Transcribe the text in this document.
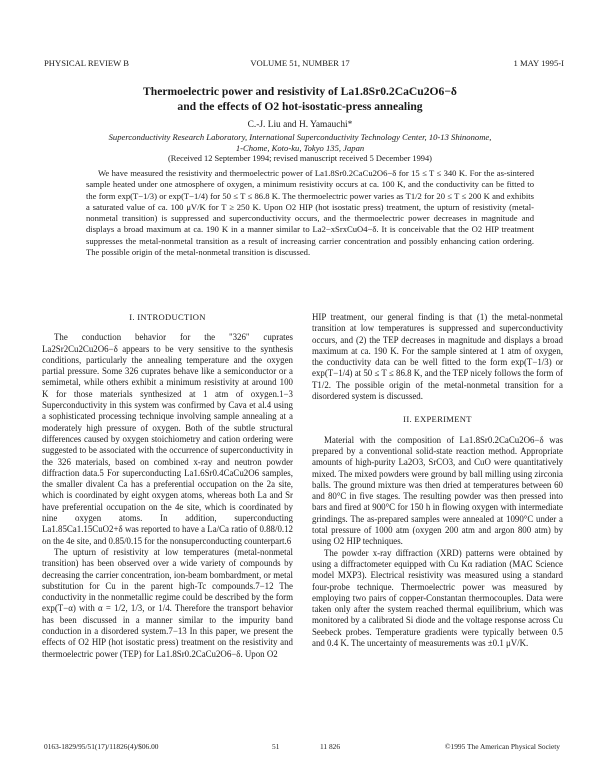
PHYSICAL REVIEW B	VOLUME 51, NUMBER 17	1 MAY 1995-I
Thermoelectric power and resistivity of La1.8Sr0.2CaCu2O6−δ
and the effects of O2 hot-isostatic-press annealing
C.-J. Liu and H. Yamauchi*
Superconductivity Research Laboratory, International Superconductivity Technology Center, 10-13 Shinonome,
1-Chome, Koto-ku, Tokyo 135, Japan
(Received 12 September 1994; revised manuscript received 5 December 1994)

We have measured the resistivity and thermoelectric power of La1.8Sr0.2CaCu2O6−δ for 15 ≤ T ≤ 340 K. For the as-sintered sample heated under one atmosphere of oxygen, a minimum resistivity occurs at ca. 100 K, and the conductivity can be fitted to the form exp(T−1/3) or exp(T−1/4) for 50 ≤ T ≤ 86.8 K. The thermoelectric power varies as T1/2 for 20 ≤ T ≤ 200 K and exhibits a saturated value of ca. 100 μV/K for T ≥ 250 K. Upon O2 HIP (hot isostatic press) treatment, the upturn of resistivity (metal-nonmetal transition) is suppressed and superconductivity occurs, and the thermoelectric power decreases in magnitude and displays a broad maximum at ca. 190 K in a manner similar to La2−xSrxCuO4−δ. It is conceivable that the O2 HIP treatment suppresses the metal-nonmetal transition as a result of increasing carrier concentration and possibly enhancing cation ordering. The possible origin of the metal-nonmetal transition is discussed.

I. INTRODUCTION

The conduction behavior for the "326" cuprates La2Sr2Cu2Cu2O6−δ appears to be very sensitive to the synthesis conditions, particularly the annealing temperature and the oxygen partial pressure. Some 326 cuprates behave like a semiconductor or a semimetal, while others exhibit a minimum resistivity at around 100 K for those materials synthesized at 1 atm of oxygen.1−3 Superconductivity in this system was confirmed by Cava et al.4 using a sophisticated processing technique involving sample annealing at a moderately high pressure of oxygen. Both of the subtle structural differences caused by oxygen stoichiometry and cation ordering were suggested to be associated with the occurrence of superconductivity in the 326 materials, based on combined x-ray and neutron powder diffraction data.5 For superconducting La1.6Sr0.4CaCu2O6 samples, the smaller divalent Ca has a preferential occupation on the 2a site, which is coordinated by eight oxygen atoms, whereas both La and Sr have preferential occupation on the 4e site, which is coordinated by nine oxygen atoms. In addition, superconducting La1.85Ca1.15CuO2+δ was reported to have a La/Ca ratio of 0.88/0.12 on the 4e site, and 0.85/0.15 for the nonsuperconducting counterpart.6

The upturn of resistivity at low temperatures (metal-nonmetal transition) has been observed over a wide variety of compounds by decreasing the carrier concentration, ion-beam bombardment, or metal substitution for Cu in the parent high-Tc compounds.7−12 The conductivity in the nonmetallic regime could be described by the form exp(T−α) with α = 1/2, 1/3, or 1/4. Therefore the transport behavior has been discussed in a manner similar to the impurity band conduction in a disordered system.7−13 In this paper, we present the effects of O2 HIP (hot isostatic press) treatment on the resistivity and thermoelectric power (TEP) for La1.8Sr0.2CaCu2O6−δ. Upon O2

HIP treatment, our general finding is that (1) the metal-nonmetal transition at low temperatures is suppressed and superconductivity occurs, and (2) the TEP decreases in magnitude and displays a broad maximum at ca. 190 K. For the sample sintered at 1 atm of oxygen, the conductivity data can be well fitted to the form exp(T−1/3) or exp(T−1/4) at 50 ≤ T ≤ 86.8 K, and the TEP nicely follows the form of T1/2. The possible origin of the metal-nonmetal transition for a disordered system is discussed.

II. EXPERIMENT

Material with the composition of La1.8Sr0.2CaCu2O6−δ was prepared by a conventional solid-state reaction method. Appropriate amounts of high-purity La2O3, SrCO3, and CuO were quantitatively mixed. The mixed powders were ground by ball milling using zirconia balls. The ground mixture was then dried at temperatures between 60 and 80°C in five stages. The resulting powder was then pressed into bars and fired at 900°C for 150 h in flowing oxygen with intermediate grindings. The as-prepared samples were annealed at 1090°C under a total pressure of 1000 atm (oxygen 200 atm and argon 800 atm) by using O2 HIP techniques.

The powder x-ray diffraction (XRD) patterns were obtained by using a diffractometer equipped with Cu Kα radiation (MAC Science model MXP3). Electrical resistivity was measured using a standard four-probe technique. Thermoelectric power was measured by employing two pairs of copper-Constantan thermocouples. Data were taken only after the system reached thermal equilibrium, which was monitored by a calibrated Si diode and the voltage response across Cu Seebeck probes. Temperature gradients were typically between 0.5 and 0.4 K. The uncertainty of measurements was ±0.1 μV/K.

0163-1829/95/51(17)/11826(4)/$06.00	51	11 826	©1995 The American Physical Society
